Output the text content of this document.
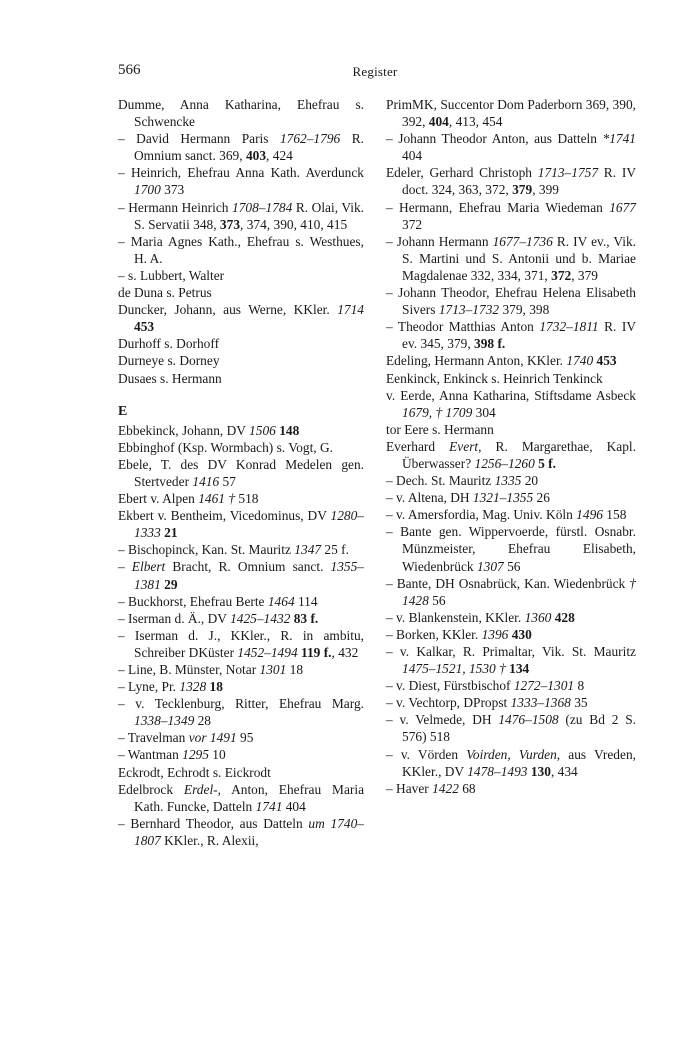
566	Register
Dumme, Anna Katharina, Ehefrau s. Schwencke
– David Hermann Paris 1762–1796 R. Omnium sanct. 369, 403, 424
– Heinrich, Ehefrau Anna Kath. Averdunck 1700 373
– Hermann Heinrich 1708–1784 R. Olai, Vik. S. Servatii 348, 373, 374, 390, 410, 415
– Maria Agnes Kath., Ehefrau s. Westhues, H. A.
– s. Lubbert, Walter
de Duna s. Petrus
Duncker, Johann, aus Werne, KKler. 1714 453
Durhoff s. Dorhoff
Durneye s. Dorney
Dusaes s. Hermann
E
Ebbekinck, Johann, DV 1506 148
Ebbinghof (Ksp. Wormbach) s. Vogt, G.
Ebele, T. des DV Konrad Medelen gen. Stertveder 1416 57
Ebert v. Alpen 1461 † 518
Ekbert v. Bentheim, Vicedominus, DV 1280–1333 21
– Bischopinck, Kan. St. Mauritz 1347 25 f.
– Elbert Bracht, R. Omnium sanct. 1355–1381 29
– Buckhorst, Ehefrau Berte 1464 114
– Iserman d. Ä., DV 1425–1432 83 f.
– Iserman d. J., KKler., R. in ambitu, Schreiber DKüster 1452–1494 119 f., 432
– Line, B. Münster, Notar 1301 18
– Lyne, Pr. 1328 18
– v. Tecklenburg, Ritter, Ehefrau Marg. 1338–1349 28
– Travelman vor 1491 95
– Wantman 1295 10
Eckrodt, Echrodt s. Eickrodt
Edelbrock Erdel-, Anton, Ehefrau Maria Kath. Funcke, Datteln 1741 404
– Bernhard Theodor, aus Datteln um 1740–1807 KKler., R. Alexii,
PrimMK, Succentor Dom Paderborn 369, 390, 392, 404, 413, 454
– Johann Theodor Anton, aus Datteln *1741 404
Edeler, Gerhard Christoph 1713–1757 R. IV doct. 324, 363, 372, 379, 399
– Hermann, Ehefrau Maria Wiedeman 1677 372
– Johann Hermann 1677–1736 R. IV ev., Vik. S. Martini und S. Antonii und b. Mariae Magdalenae 332, 334, 371, 372, 379
– Johann Theodor, Ehefrau Helena Elisabeth Sivers 1713–1732 379, 398
– Theodor Matthias Anton 1732–1811 R. IV ev. 345, 379, 398 f.
Edeling, Hermann Anton, KKler. 1740 453
Eenkinck, Enkinck s. Heinrich Tenkinck
v. Eerde, Anna Katharina, Stiftsdame Asbeck 1679, † 1709 304
tor Eere s. Hermann
Everhard Evert, R. Margarethae, Kapl. Überwasser? 1256–1260 5 f.
– Dech. St. Mauritz 1335 20
– v. Altena, DH 1321–1355 26
– v. Amersfordia, Mag. Univ. Köln 1496 158
– Bante gen. Wippervoerde, fürstl. Osnabr. Münzmeister, Ehefrau Elisabeth, Wiedenbrück 1307 56
– Bante, DH Osnabrück, Kan. Wiedenbrück † 1428 56
– v. Blankenstein, KKler. 1360 428
– Borken, KKler. 1396 430
– v. Kalkar, R. Primaltar, Vik. St. Mauritz 1475–1521, 1530 † 134
– v. Diest, Fürstbischof 1272–1301 8
– v. Vechtorp, DPropst 1333–1368 35
– v. Velmede, DH 1476–1508 (zu Bd 2 S. 576) 518
– v. Vörden Voirden, Vurden, aus Vreden, KKler., DV 1478–1493 130, 434
– Haver 1422 68
